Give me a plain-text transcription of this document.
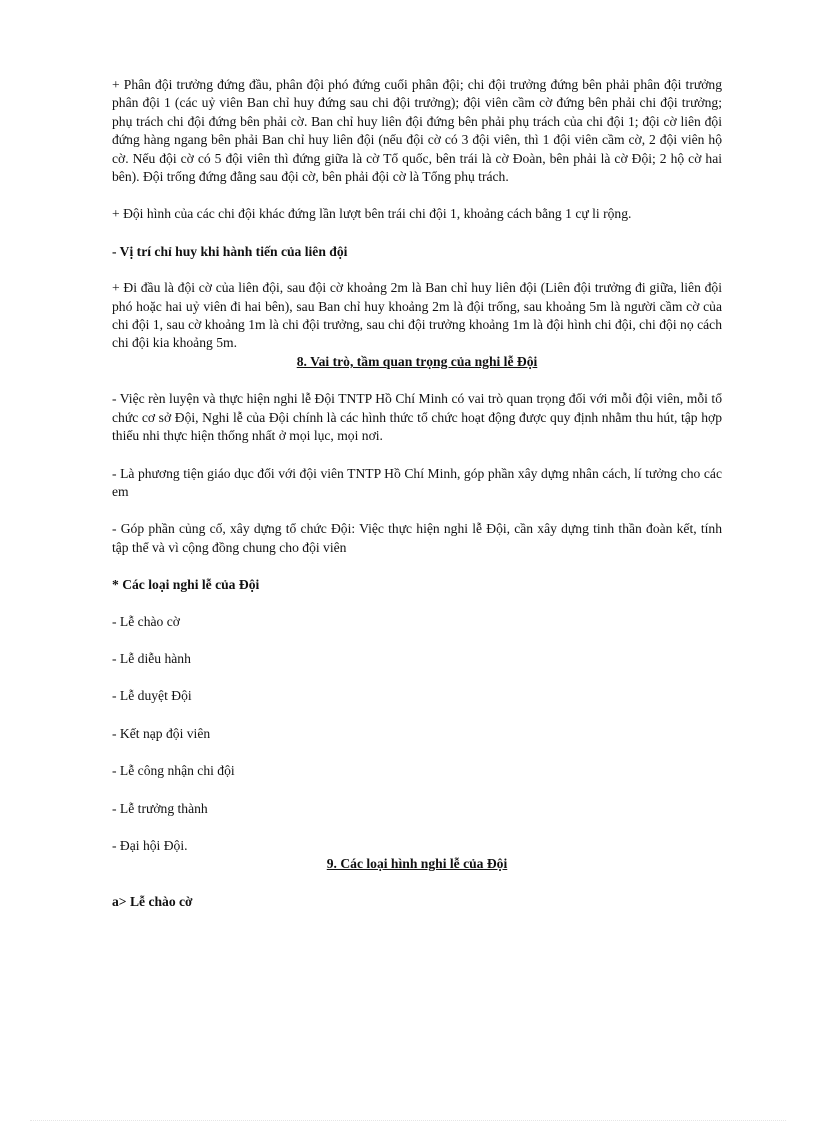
+ Phân đội trưởng đứng đầu, phân đội phó đứng cuối phân đội; chi đội trưởng đứng bên phải phân đội trưởng phân đội 1 (các uỷ viên Ban chỉ huy đứng sau chi đội trưởng); đội viên cầm cờ đứng bên phải chi đội trưởng; phụ trách chi đội đứng bên phải cờ. Ban chỉ huy liên đội đứng bên phải phụ trách của chi đội 1; đội cờ liên đội đứng hàng ngang bên phải Ban chỉ huy liên đội (nếu đội cờ có 3 đội viên, thì 1 đội viên cầm cờ, 2 đội viên hộ cờ. Nếu đội cờ có 5 đội viên thì đứng giữa là cờ Tổ quốc, bên trái là cờ Đoàn, bên phải là cờ Đội; 2 hộ cờ hai bên). Đội trống đứng đằng sau đội cờ, bên phải đội cờ là Tổng phụ trách.

+ Đội hình của các chi đội khác đứng lần lượt bên trái chi đội 1, khoảng cách bằng 1 cự li rộng.

- Vị trí chỉ huy khi hành tiến của liên đội

+ Đi đầu là đội cờ của liên đội, sau đội cờ khoảng 2m là Ban chỉ huy liên đội (Liên đội trưởng đi giữa, liên đội phó hoặc hai uỷ viên đi hai bên), sau Ban chỉ huy khoảng 2m là đội trống, sau khoảng 5m là người cầm cờ của chi đội 1, sau cờ khoảng 1m là chi đội trưởng, sau chi đội trưởng khoảng 1m là đội hình chi đội, chi đội nọ cách chi đội kia khoảng 5m.

8. Vai trò, tầm quan trọng của nghi lễ Đội

- Việc rèn luyện và thực hiện nghi lễ Đội TNTP Hồ Chí Minh có vai trò quan trọng đối với mỗi đội viên, mỗi tổ chức cơ sở Đội, Nghi lễ của Đội chính là các hình thức tổ chức hoạt động được quy định nhằm thu hút, tập hợp thiếu nhi thực hiện thống nhất ở mọi lục, mọi nơi.

- Là phương tiện giáo dục đối với đội viên TNTP Hồ Chí Minh, góp phần xây dựng nhân cách, lí tưởng cho các em

- Góp phần củng cố, xây dựng tổ chức Đội: Việc thực hiện nghi lễ Đội, cần xây dựng tinh thần đoàn kết, tính tập thể và vì cộng đồng chung cho đội viên

* Các loại nghi lễ của Đội

- Lễ chào cờ

- Lễ diễu hành

- Lễ duyệt Đội

- Kết nạp đội viên

- Lễ công nhận chi đội

- Lễ trưởng thành

- Đại hội Đội.

9. Các loại hình nghi lễ của Đội

a> Lễ chào cờ
